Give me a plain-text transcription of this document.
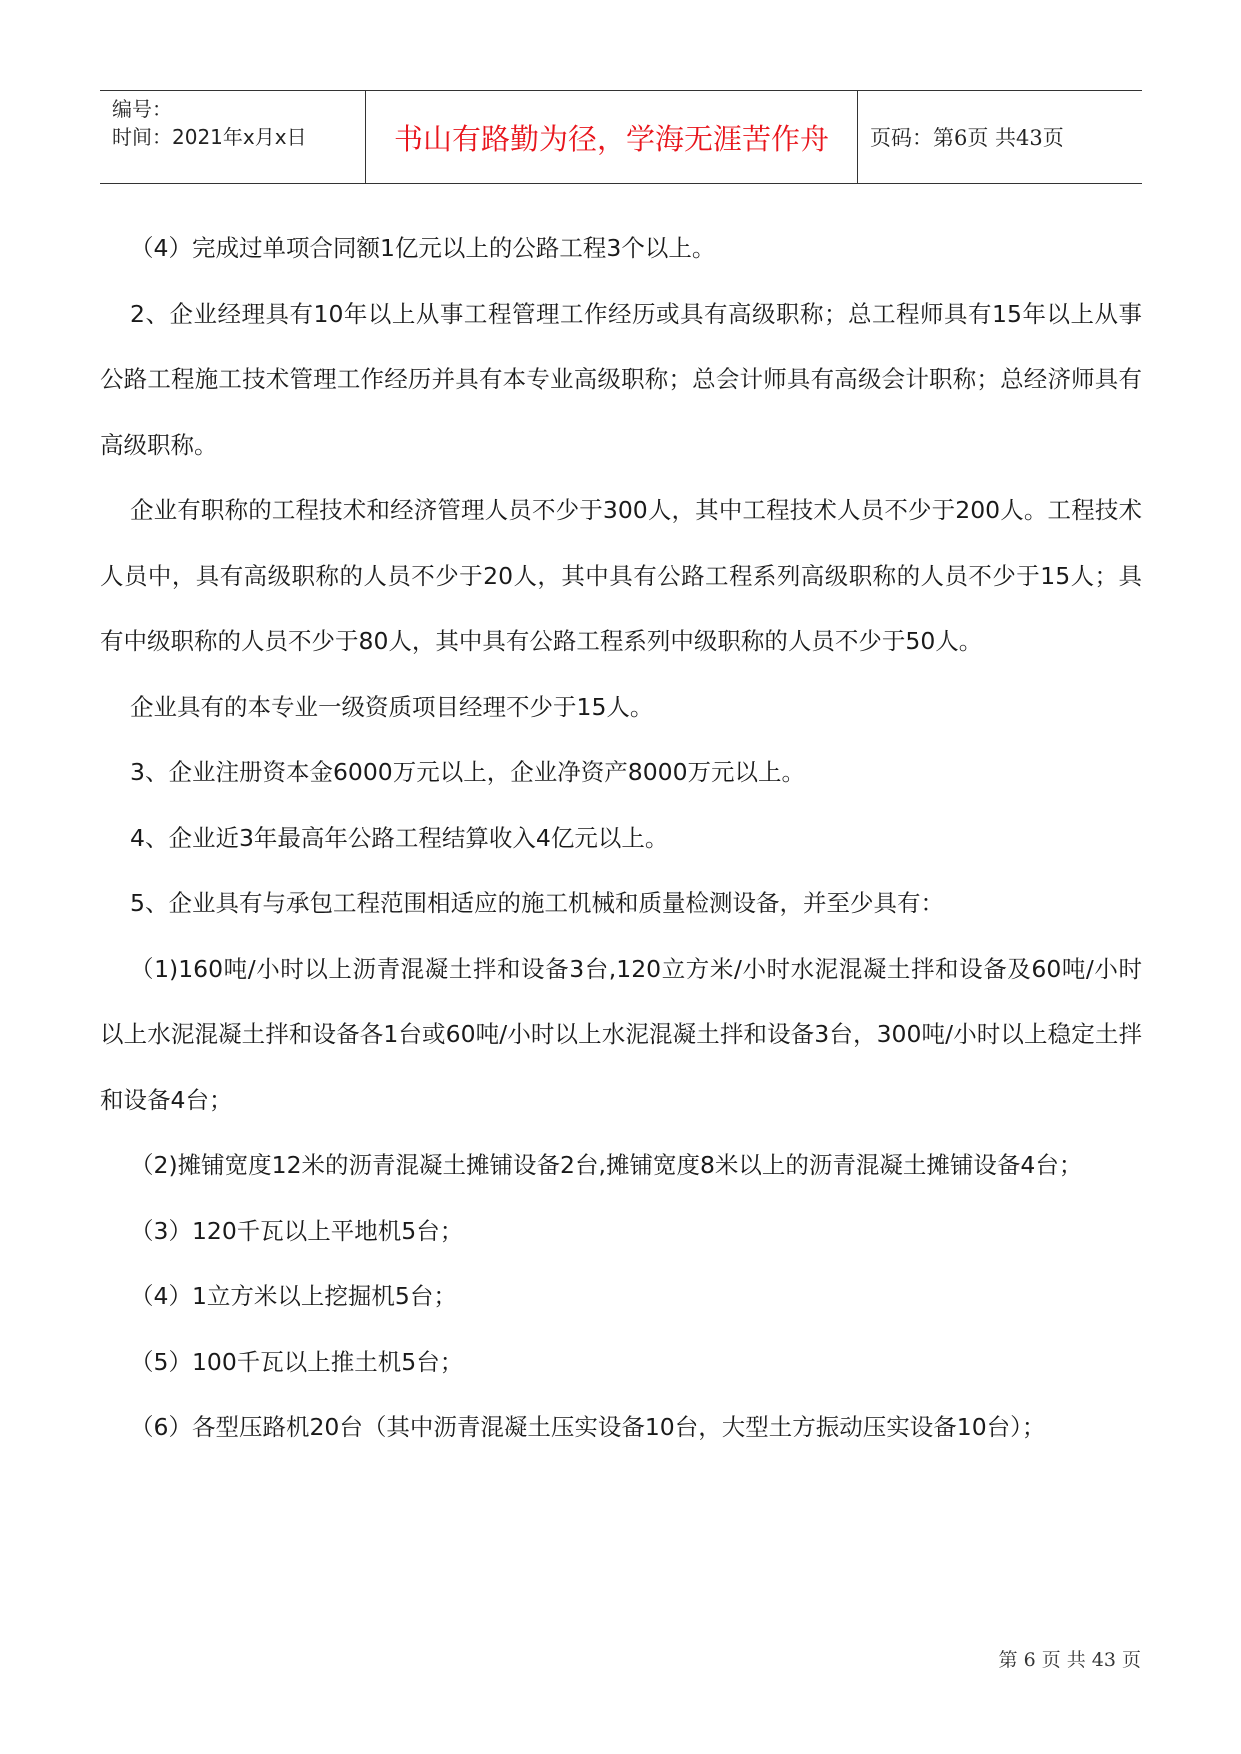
编号：
时间：2021年x月x日	书山有路勤为径，学海无涯苦作舟 页码：第6页 共43页

（4）完成过单项合同额1亿元以上的公路工程3个以上。

2、企业经理具有10年以上从事工程管理工作经历或具有高级职称；总工程师具有15年以上从事公路工程施工技术管理工作经历并具有本专业高级职称；总会计师具有高级会计职称；总经济师具有高级职称。

企业有职称的工程技术和经济管理人员不少于300人，其中工程技术人员不少于200人。工程技术人员中，具有高级职称的人员不少于20人，其中具有公路工程系列高级职称的人员不少于15人；具有中级职称的人员不少于80人，其中具有公路工程系列中级职称的人员不少于50人。

企业具有的本专业一级资质项目经理不少于15人。

3、企业注册资本金6000万元以上，企业净资产8000万元以上。

4、企业近3年最高年公路工程结算收入4亿元以上。

5、企业具有与承包工程范围相适应的施工机械和质量检测设备，并至少具有：

（1)160吨/小时以上沥青混凝土拌和设备3台,120立方米/小时水泥混凝土拌和设备及60吨/小时以上水泥混凝土拌和设备各1台或60吨/小时以上水泥混凝土拌和设备3台，300吨/小时以上稳定土拌和设备4台；

（2)摊铺宽度12米的沥青混凝土摊铺设备2台,摊铺宽度8米以上的沥青混凝土摊铺设备4台；

（3）120千瓦以上平地机5台；

（4）1立方米以上挖掘机5台；

（5）100千瓦以上推土机5台；

（6）各型压路机20台（其中沥青混凝土压实设备10台，大型土方振动压实设备10台）；

第 6 页 共 43 页
